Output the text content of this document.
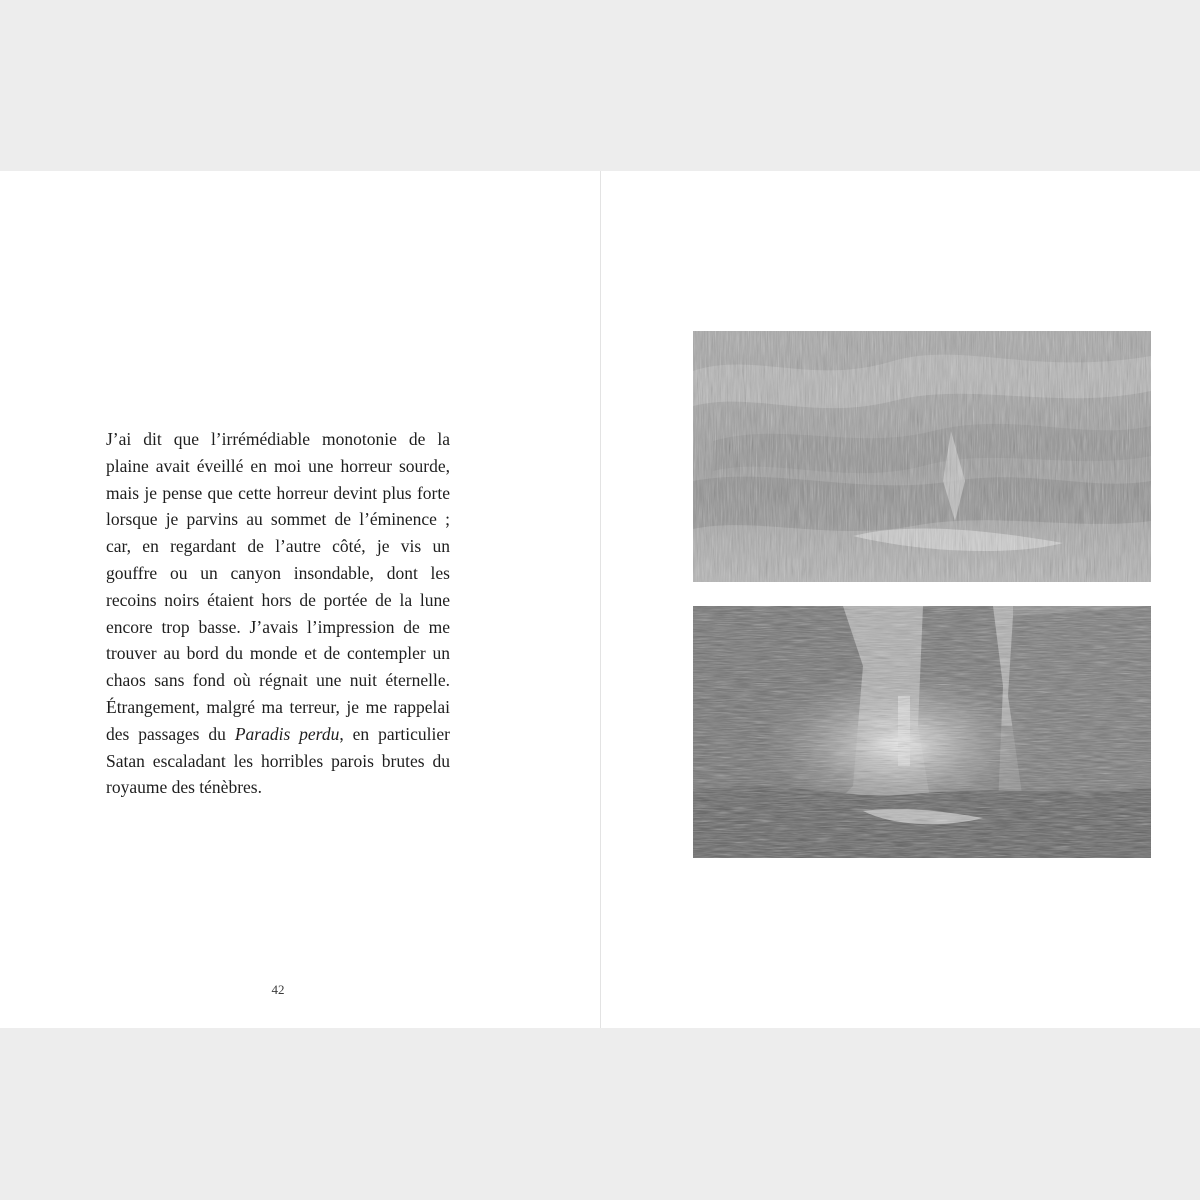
J’ai dit que l’irrémédiable monotonie de la plaine avait éveillé en moi une horreur sourde, mais je pense que cette horreur devint plus forte lorsque je parvins au sommet de l’éminence ; car, en regardant de l’autre côté, je vis un gouffre ou un canyon insondable, dont les recoins noirs étaient hors de portée de la lune encore trop basse. J’avais l’impression de me trouver au bord du monde et de contempler un chaos sans fond où régnait une nuit éternelle. Étrangement, malgré ma terreur, je me rappelai des passages du Paradis perdu, en particulier Satan escaladant les horribles parois brutes du royaume des ténèbres.

42
